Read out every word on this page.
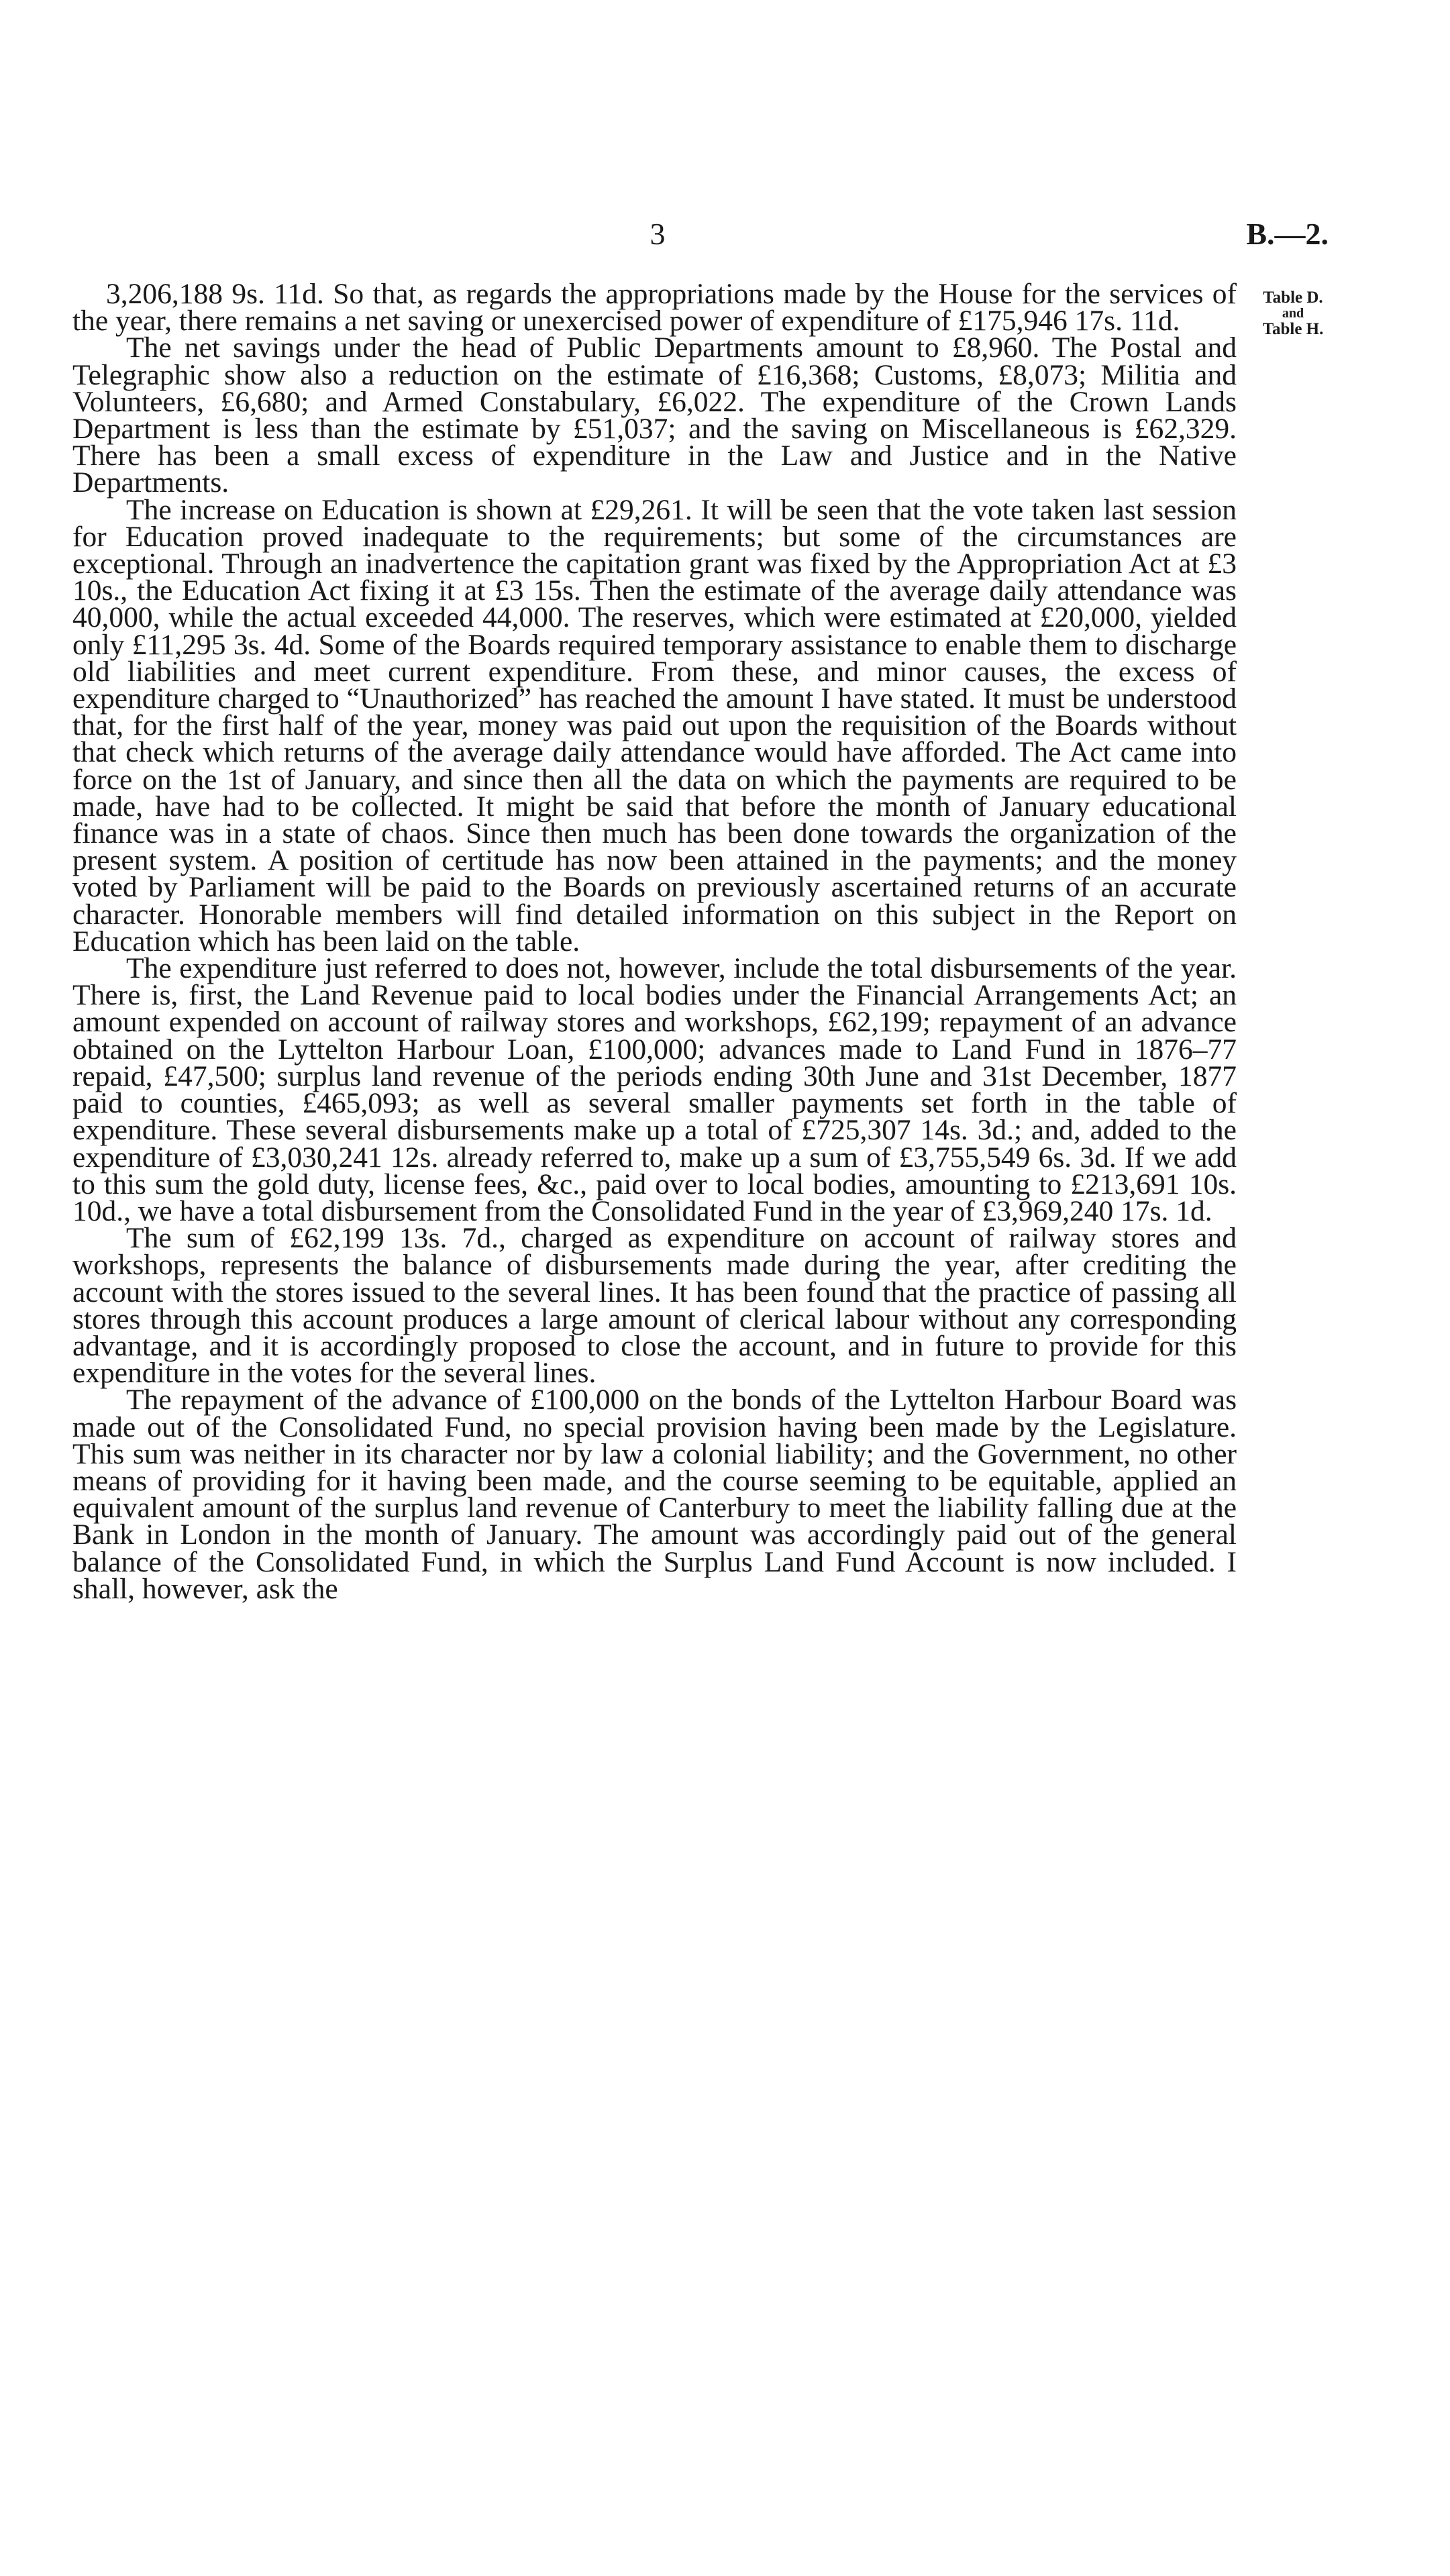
3	B.—2.
Table D.
and
Table H.

3,206,188 9s. 11d. So that, as regards the appropriations made by the House for the services of the year, there remains a net saving or unexercised power of expenditure of £175,946 17s. 11d.

The net savings under the head of Public Departments amount to £8,960. The Postal and Telegraphic show also a reduction on the estimate of £16,368; Customs, £8,073; Militia and Volunteers, £6,680; and Armed Constabulary, £6,022. The expenditure of the Crown Lands Department is less than the estimate by £51,037; and the saving on Miscellaneous is £62,329. There has been a small excess of expenditure in the Law and Justice and in the Native Departments.

The increase on Education is shown at £29,261. It will be seen that the vote taken last session for Education proved inadequate to the requirements; but some of the circumstances are exceptional. Through an inadvertence the capitation grant was fixed by the Appropriation Act at £3 10s., the Education Act fixing it at £3 15s. Then the estimate of the average daily attendance was 40,000, while the actual exceeded 44,000. The reserves, which were estimated at £20,000, yielded only £11,295 3s. 4d. Some of the Boards required temporary assistance to enable them to discharge old liabilities and meet current expenditure. From these, and minor causes, the excess of expenditure charged to “Unauthorized” has reached the amount I have stated. It must be understood that, for the first half of the year, money was paid out upon the requisition of the Boards without that check which returns of the average daily attendance would have afforded. The Act came into force on the 1st of January, and since then all the data on which the payments are required to be made, have had to be collected. It might be said that before the month of January educational finance was in a state of chaos. Since then much has been done towards the organization of the present system. A position of certitude has now been attained in the payments; and the money voted by Parliament will be paid to the Boards on previously ascertained returns of an accurate character. Honorable members will find detailed information on this subject in the Report on Education which has been laid on the table.

The expenditure just referred to does not, however, include the total disbursements of the year. There is, first, the Land Revenue paid to local bodies under the Financial Arrangements Act; an amount expended on account of railway stores and workshops, £62,199; repayment of an advance obtained on the Lyttelton Harbour Loan, £100,000; advances made to Land Fund in 1876–77 repaid, £47,500; surplus land revenue of the periods ending 30th June and 31st December, 1877 paid to counties, £465,093; as well as several smaller payments set forth in the table of expenditure. These several disbursements make up a total of £725,307 14s. 3d.; and, added to the expenditure of £3,030,241 12s. already referred to, make up a sum of £3,755,549 6s. 3d. If we add to this sum the gold duty, license fees, &c., paid over to local bodies, amounting to £213,691 10s. 10d., we have a total disbursement from the Consolidated Fund in the year of £3,969,240 17s. 1d.

The sum of £62,199 13s. 7d., charged as expenditure on account of railway stores and workshops, represents the balance of disbursements made during the year, after crediting the account with the stores issued to the several lines. It has been found that the practice of passing all stores through this account produces a large amount of clerical labour without any corresponding advantage, and it is accordingly proposed to close the account, and in future to provide for this expenditure in the votes for the several lines.

The repayment of the advance of £100,000 on the bonds of the Lyttelton Harbour Board was made out of the Consolidated Fund, no special provision having been made by the Legislature. This sum was neither in its character nor by law a colonial liability; and the Government, no other means of providing for it having been made, and the course seeming to be equitable, applied an equivalent amount of the surplus land revenue of Canterbury to meet the liability falling due at the Bank in London in the month of January. The amount was accordingly paid out of the general balance of the Consolidated Fund, in which the Surplus Land Fund Account is now included. I shall, however, ask the
